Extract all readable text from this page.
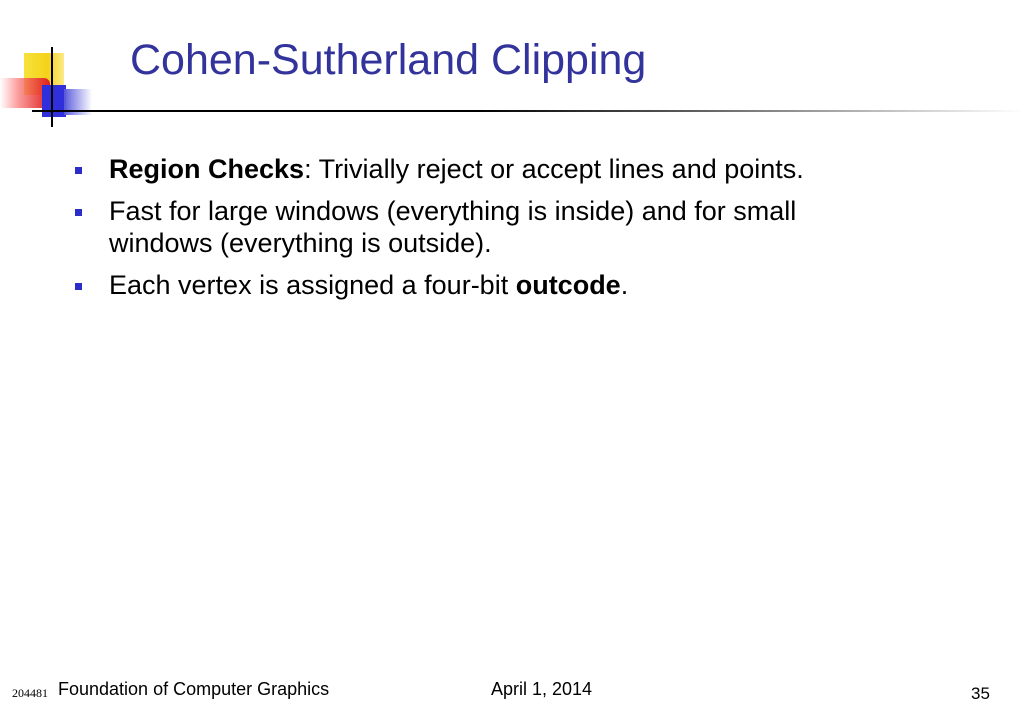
Cohen-Sutherland Clipping
Region Checks: Trivially reject or accept lines and points.
Fast for large windows (everything is inside) and for small
windows (everything is outside).
Each vertex is assigned a four-bit outcode.
204481 Foundation of Computer Graphics	April 1, 2014	35
